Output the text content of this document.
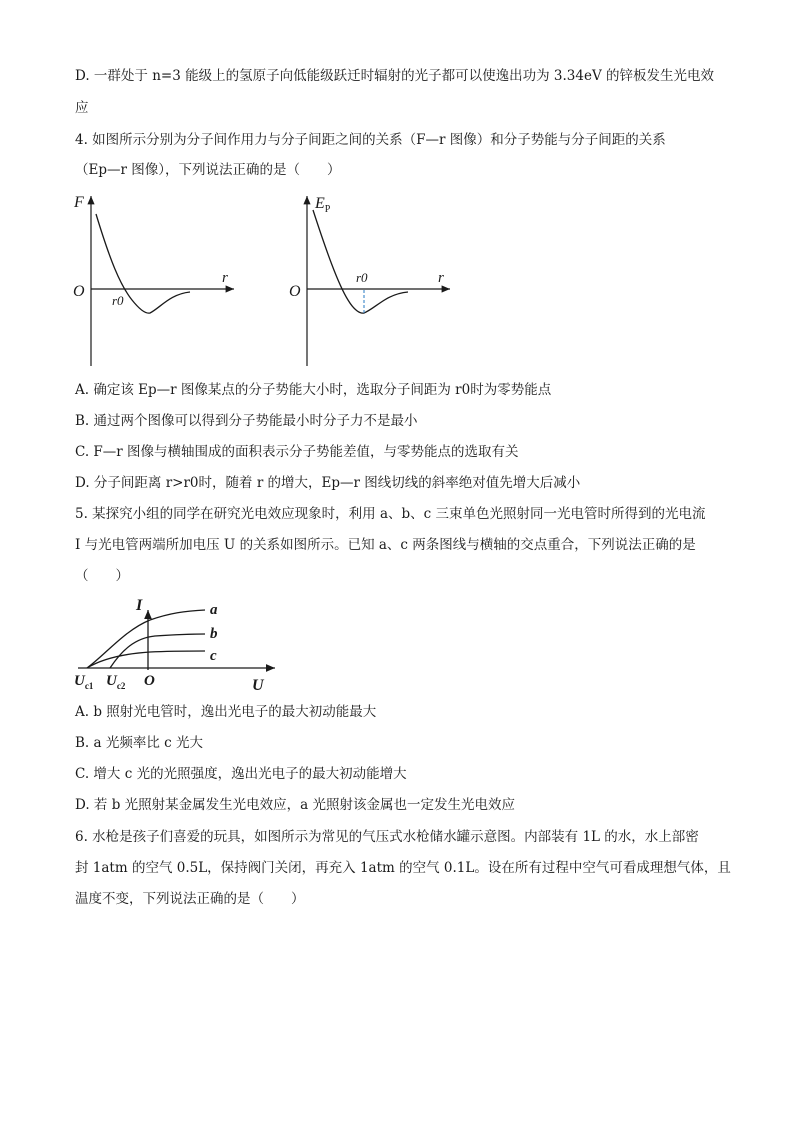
D. 一群处于 n=3 能级上的氢原子向低能级跃迁时辐射的光子都可以使逸出功为 3.34eV 的锌板发生光电效
应
4. 如图所示分别为分子间作用力与分子间距之间的关系（F—r 图像）和分子势能与分子间距的关系
（Ep—r 图像），下列说法正确的是（　　）
F
r
O
r0
$E_P$
r
O
r0
A. 确定该 Ep—r 图像某点的分子势能大小时，选取分子间距为 r0时为零势能点
B. 通过两个图像可以得到分子势能最小时分子力不是最小
C. F—r 图像与横轴围成的面积表示分子势能差值，与零势能点的选取有关
D. 分子间距离 r>r0时，随着 r 的增大，Ep—r 图线切线的斜率绝对值先增大后减小
5. 某探究小组的同学在研究光电效应现象时，利用 a、b、c 三束单色光照射同一光电管时所得到的光电流
I 与光电管两端所加电压 U 的关系如图所示。已知 a、c 两条图线与横轴的交点重合，下列说法正确的是
（　　）
I	a
b
c
$U_{c1}$ $U_{c2}$ O	U
A. b 照射光电管时，逸出光电子的最大初动能最大
B. a 光频率比 c 光大
C. 增大 c 光的光照强度，逸出光电子的最大初动能增大
D. 若 b 光照射某金属发生光电效应，a 光照射该金属也一定发生光电效应
6. 水枪是孩子们喜爱的玩具，如图所示为常见的气压式水枪储水罐示意图。内部装有 1L 的水，水上部密
封 1atm 的空气 0.5L，保持阀门关闭，再充入 1atm 的空气 0.1L。设在所有过程中空气可看成理想气体，且
温度不变，下列说法正确的是（　　）
